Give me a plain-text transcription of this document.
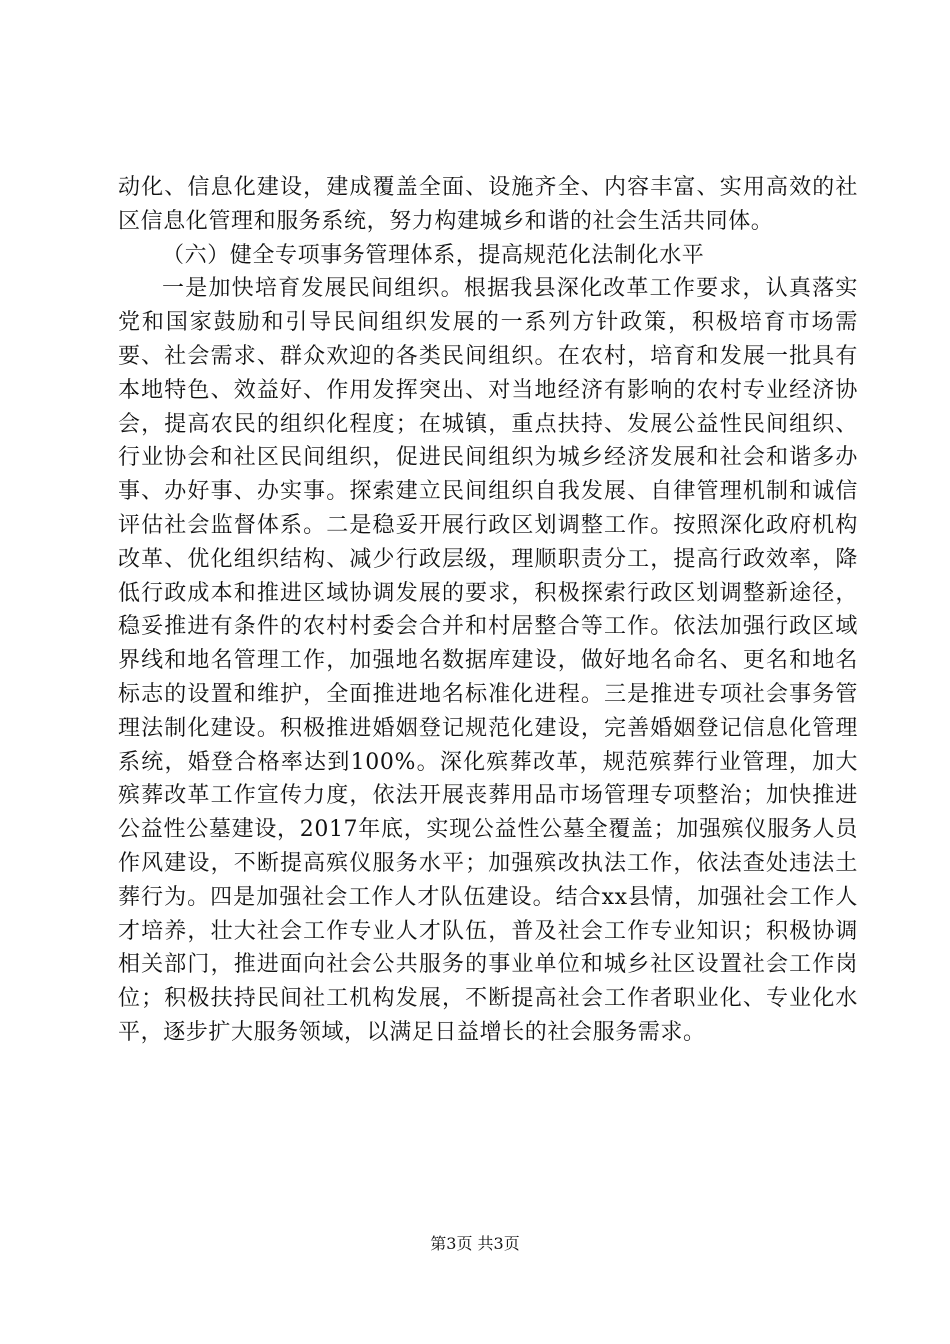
动化、信息化建设，建成覆盖全面、设施齐全、内容丰富、实用高效的社区信息化管理和服务系统，努力构建城乡和谐的社会生活共同体。

（六）健全专项事务管理体系，提高规范化法制化水平

一是加快培育发展民间组织。根据我县深化改革工作要求，认真落实党和国家鼓励和引导民间组织发展的一系列方针政策，积极培育市场需要、社会需求、群众欢迎的各类民间组织。在农村，培育和发展一批具有本地特色、效益好、作用发挥突出、对当地经济有影响的农村专业经济协会，提高农民的组织化程度；在城镇，重点扶持、发展公益性民间组织、行业协会和社区民间组织，促进民间组织为城乡经济发展和社会和谐多办事、办好事、办实事。探索建立民间组织自我发展、自律管理机制和诚信评估社会监督体系。二是稳妥开展行政区划调整工作。按照深化政府机构改革、优化组织结构、减少行政层级，理顺职责分工，提高行政效率，降低行政成本和推进区域协调发展的要求，积极探索行政区划调整新途径，稳妥推进有条件的农村村委会合并和村居整合等工作。依法加强行政区域界线和地名管理工作，加强地名数据库建设，做好地名命名、更名和地名标志的设置和维护，全面推进地名标准化进程。三是推进专项社会事务管理法制化建设。积极推进婚姻登记规范化建设，完善婚姻登记信息化管理系统，婚登合格率达到100%。深化殡葬改革，规范殡葬行业管理，加大殡葬改革工作宣传力度，依法开展丧葬用品市场管理专项整治；加快推进公益性公墓建设，2017年底，实现公益性公墓全覆盖；加强殡仪服务人员作风建设，不断提高殡仪服务水平；加强殡改执法工作，依法查处违法土葬行为。四是加强社会工作人才队伍建设。结合xx县情，加强社会工作人才培养，壮大社会工作专业人才队伍，普及社会工作专业知识；积极协调相关部门，推进面向社会公共服务的事业单位和城乡社区设置社会工作岗位；积极扶持民间社工机构发展，不断提高社会工作者职业化、专业化水平，逐步扩大服务领域，以满足日益增长的社会服务需求。

第3页 共3页
